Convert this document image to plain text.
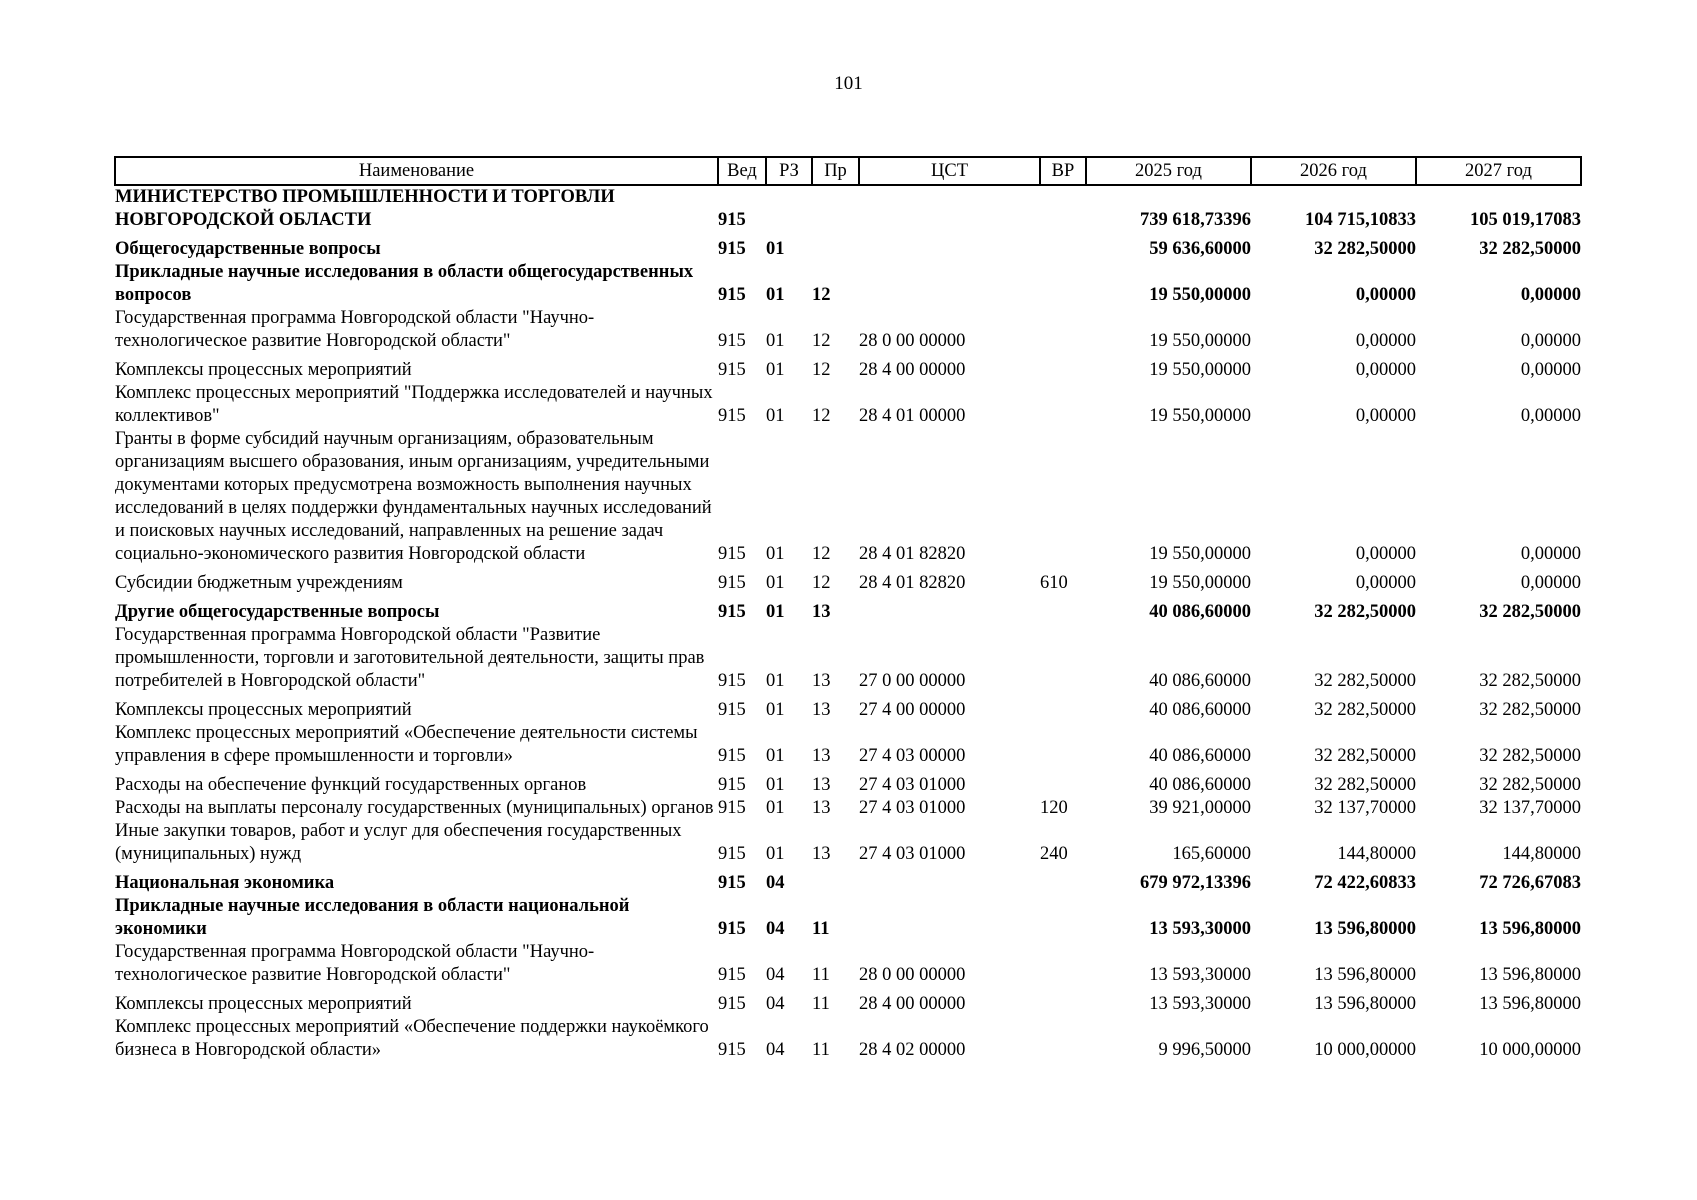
101
Наименование	Вед	РЗ	Пр	ЦСТ	ВР	2025 год	2026 год	2027 год
МИНИСТЕРСТВО ПРОМЫШЛЕННОСТИ И ТОРГОВЛИ НОВГОРОДСКОЙ ОБЛАСТИ	915					739 618,73396	104 715,10833	105 019,17083
Общегосударственные вопросы	915	01				59 636,60000	32 282,50000	32 282,50000
Прикладные научные исследования в области общегосударственных вопросов	915	01	12			19 550,00000	0,00000	0,00000
Государственная программа Новгородской области "Научно-технологическое развитие Новгородской области"	915	01	12	28 0 00 00000		19 550,00000	0,00000	0,00000
Комплексы процессных мероприятий	915	01	12	28 4 00 00000		19 550,00000	0,00000	0,00000
Комплекс процессных мероприятий "Поддержка исследователей и научных коллективов"	915	01	12	28 4 01 00000		19 550,00000	0,00000	0,00000
Гранты в форме субсидий научным организациям, образовательным организациям высшего образования, иным организациям, учредительными документами которых предусмотрена возможность выполнения научных исследований в целях поддержки фундаментальных научных исследований и поисковых научных исследований, направленных на решение задач социально-экономического развития Новгородской области	915	01	12	28 4 01 82820		19 550,00000	0,00000	0,00000
Субсидии бюджетным учреждениям	915	01	12	28 4 01 82820	610	19 550,00000	0,00000	0,00000
Другие общегосударственные вопросы	915	01	13			40 086,60000	32 282,50000	32 282,50000
Государственная программа Новгородской области "Развитие промышленности, торговли и заготовительной деятельности, защиты прав потребителей в Новгородской области"	915	01	13	27 0 00 00000		40 086,60000	32 282,50000	32 282,50000
Комплексы процессных мероприятий	915	01	13	27 4 00 00000		40 086,60000	32 282,50000	32 282,50000
Комплекс процессных мероприятий «Обеспечение деятельности системы управления в сфере промышленности и торговли»	915	01	13	27 4 03 00000		40 086,60000	32 282,50000	32 282,50000
Расходы на обеспечение функций государственных органов	915	01	13	27 4 03 01000		40 086,60000	32 282,50000	32 282,50000
Расходы на выплаты персоналу государственных (муниципальных) органов	915	01	13	27 4 03 01000	120	39 921,00000	32 137,70000	32 137,70000
Иные закупки товаров, работ и услуг для обеспечения государственных (муниципальных) нужд	915	01	13	27 4 03 01000	240	165,60000	144,80000	144,80000
Национальная экономика	915	04				679 972,13396	72 422,60833	72 726,67083
Прикладные научные исследования в области национальной экономики	915	04	11			13 593,30000	13 596,80000	13 596,80000
Государственная программа Новгородской области "Научно-технологическое развитие Новгородской области"	915	04	11	28 0 00 00000		13 593,30000	13 596,80000	13 596,80000
Комплексы процессных мероприятий	915	04	11	28 4 00 00000		13 593,30000	13 596,80000	13 596,80000
Комплекс процессных мероприятий «Обеспечение поддержки наукоёмкого бизнеса в Новгородской области»	915	04	11	28 4 02 00000		9 996,50000	10 000,00000	10 000,00000
